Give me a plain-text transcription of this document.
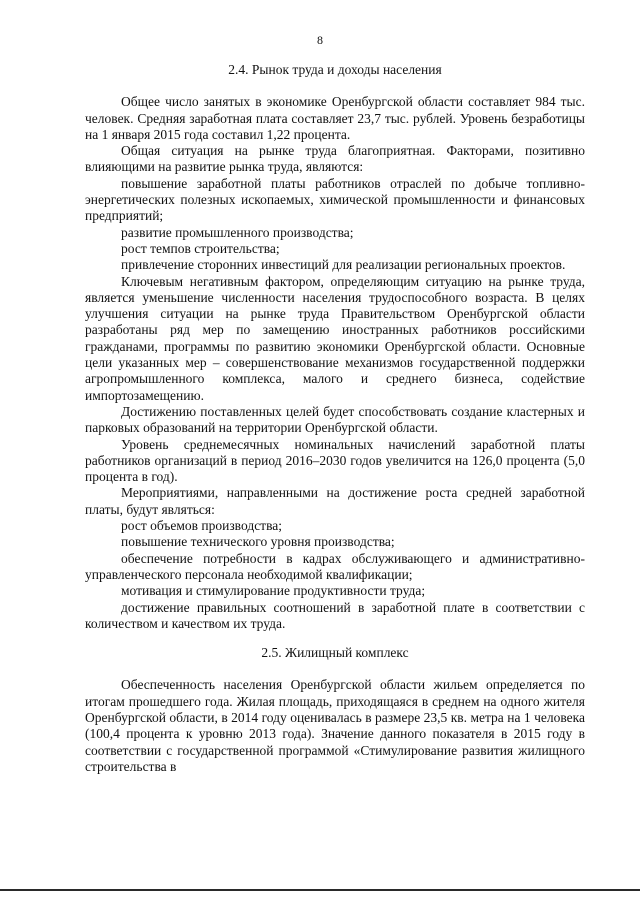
8
2.4. Рынок труда и доходы населения

Общее число занятых в экономике Оренбургской области составляет 984 тыс. человек. Средняя заработная плата составляет 23,7 тыс. рублей. Уровень безработицы на 1 января 2015 года составил 1,22 процента.

Общая ситуация на рынке труда благоприятная. Факторами, позитивно влияющими на развитие рынка труда, являются:

повышение заработной платы работников отраслей по добыче топливно-энергетических полезных ископаемых, химической промышленности и финансовых предприятий;

развитие промышленного производства;

рост темпов строительства;

привлечение сторонних инвестиций для реализации региональных проектов.

Ключевым негативным фактором, определяющим ситуацию на рынке труда, является уменьшение численности населения трудоспособного возраста. В целях улучшения ситуации на рынке труда Правительством Оренбургской области разработаны ряд мер по замещению иностранных работников российскими гражданами, программы по развитию экономики Оренбургской области. Основные цели указанных мер – совершенствование механизмов государственной поддержки агропромышленного комплекса, малого и среднего бизнеса, содействие импортозамещению.

Достижению поставленных целей будет способствовать создание кластерных и парковых образований на территории Оренбургской области.

Уровень среднемесячных номинальных начислений заработной платы работников организаций в период 2016–2030 годов увеличится на 126,0 процента (5,0 процента в год).

Мероприятиями, направленными на достижение роста средней заработной платы, будут являться:

рост объемов производства;

повышение технического уровня производства;

обеспечение потребности в кадрах обслуживающего и административно-управленческого персонала необходимой квалификации;

мотивация и стимулирование продуктивности труда;

достижение правильных соотношений в заработной плате в соответствии с количеством и качеством их труда.

2.5. Жилищный комплекс

Обеспеченность населения Оренбургской области жильем определяется по итогам прошедшего года. Жилая площадь, приходящаяся в среднем на одного жителя Оренбургской области, в 2014 году оценивалась в размере 23,5 кв. метра на 1 человека (100,4 процента к уровню 2013 года). Значение данного показателя в 2015 году в соответствии с государственной программой «Стимулирование развития жилищного строительства в
